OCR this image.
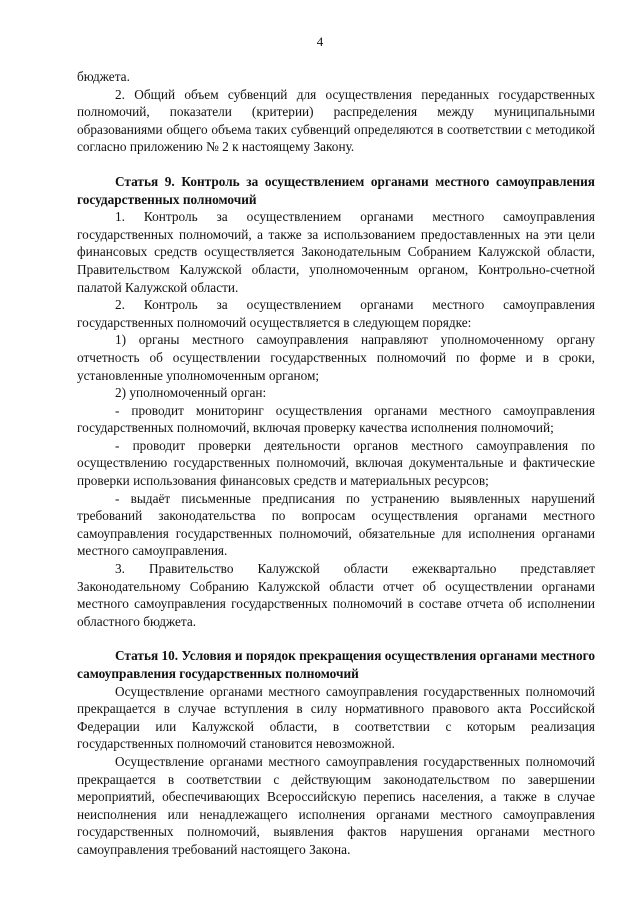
4

бюджета.

2. Общий объем субвенций для осуществления переданных государственных полномочий, показатели (критерии) распределения между муниципальными образованиями общего объема таких субвенций определяются в соответствии с методикой согласно приложению № 2 к настоящему Закону.

Статья 9. Контроль за осуществлением органами местного самоуправления государственных полномочий

1. Контроль за осуществлением органами местного самоуправления государственных полномочий, а также за использованием предоставленных на эти цели финансовых средств осуществляется Законодательным Собранием Калужской области, Правительством Калужской области, уполномоченным органом, Контрольно-счетной палатой Калужской области.

2. Контроль за осуществлением органами местного самоуправления государственных полномочий осуществляется в следующем порядке:

1) органы местного самоуправления направляют уполномоченному органу отчетность об осуществлении государственных полномочий по форме и в сроки, установленные уполномоченным органом;

2) уполномоченный орган:

- проводит мониторинг осуществления органами местного самоуправления государственных полномочий, включая проверку качества исполнения полномочий;

- проводит проверки деятельности органов местного самоуправления по осуществлению государственных полномочий, включая документальные и фактические проверки использования финансовых средств и материальных ресурсов;

- выдаёт письменные предписания по устранению выявленных нарушений требований законодательства по вопросам осуществления органами местного самоуправления государственных полномочий, обязательные для исполнения органами местного самоуправления.

3. Правительство Калужской области ежеквартально представляет Законодательному Собранию Калужской области отчет об осуществлении органами местного самоуправления государственных полномочий в составе отчета об исполнении областного бюджета.

Статья 10. Условия и порядок прекращения осуществления органами местного самоуправления государственных полномочий

Осуществление органами местного самоуправления государственных полномочий прекращается в случае вступления в силу нормативного правового акта Российской Федерации или Калужской области, в соответствии с которым реализация государственных полномочий становится невозможной.

Осуществление органами местного самоуправления государственных полномочий прекращается в соответствии с действующим законодательством по завершении мероприятий, обеспечивающих Всероссийскую перепись населения, а также в случае неисполнения или ненадлежащего исполнения органами местного самоуправления государственных полномочий, выявления фактов нарушения органами местного самоуправления требований настоящего Закона.
